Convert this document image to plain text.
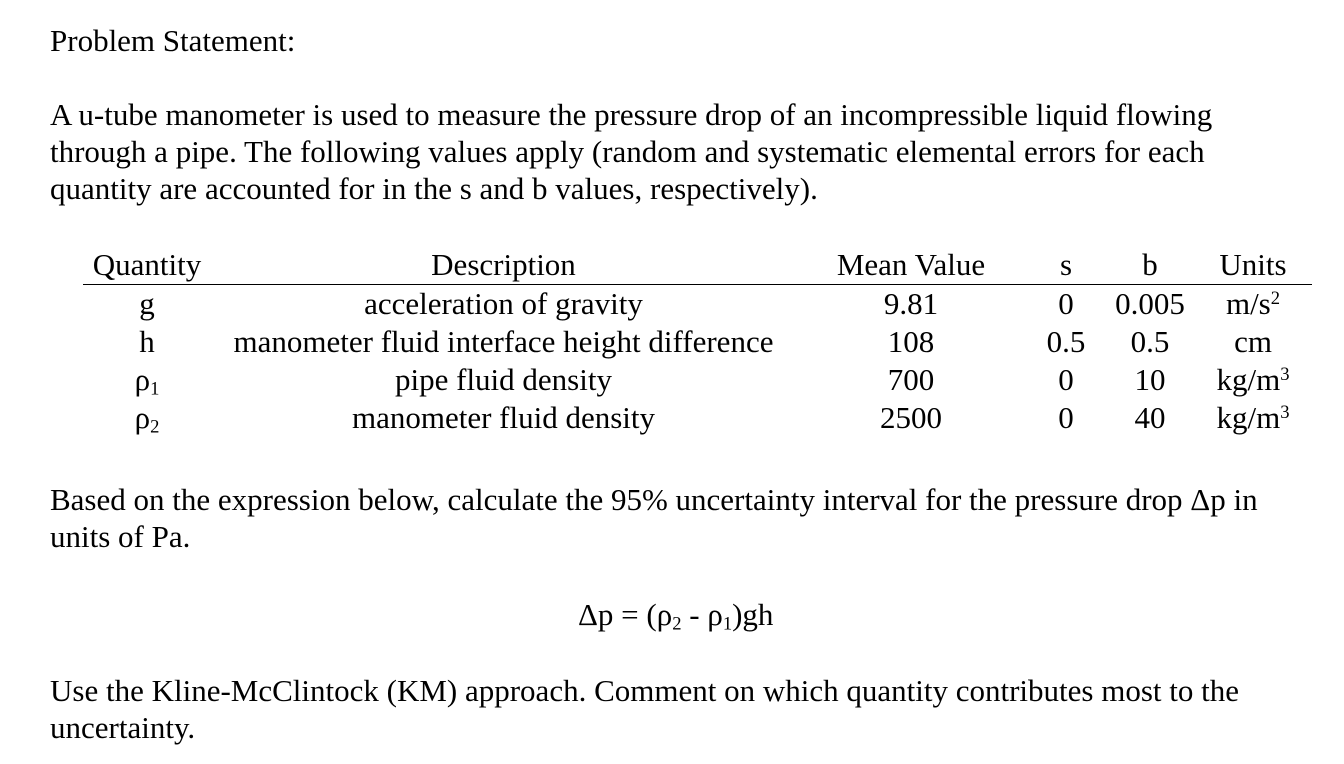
Problem Statement:

A u-tube manometer is used to measure the pressure drop of an incompressible liquid flowing
through a pipe. The following values apply (random and systematic elemental errors for each
quantity are accounted for in the s and b values, respectively).

Quantity	Description	Mean Value	s	b	Units
g	acceleration of gravity	9.81	0	0.005	$m/s^2$
h	manometer fluid interface height difference	108	0.5	0.5	cm
$\rho_1$	pipe fluid density	700	0	10	$kg/m^3$
$\rho_2$	manometer fluid density	2500	0	40	$kg/m^3$

Based on the expression below, calculate the 95% uncertainty interval for the pressure drop Δp in
units of Pa.

$\Delta p = (\rho_2 - \rho_1)gh$

Use the Kline-McClintock (KM) approach. Comment on which quantity contributes most to the
uncertainty.
